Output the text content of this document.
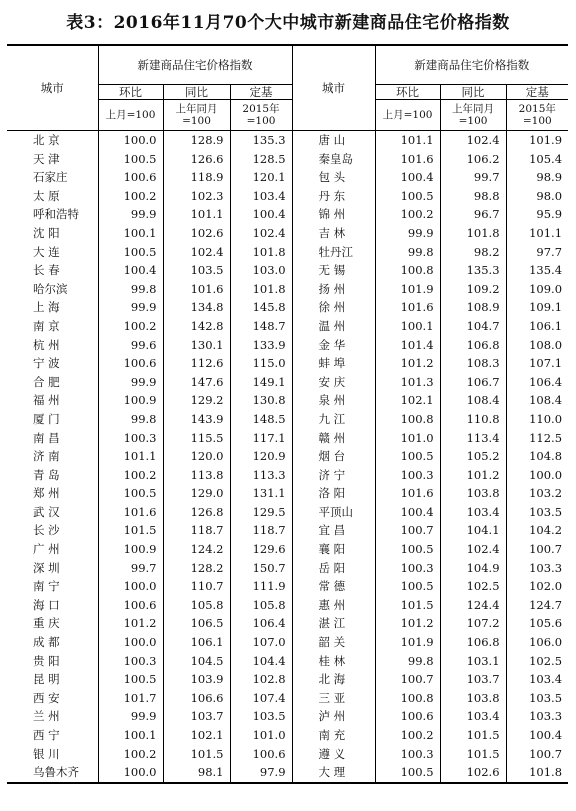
表3：2016年11月70个大中城市新建商品住宅价格指数
城市	新建商品住宅价格指数			城市	新建商品住宅价格指数		
	环比	同比	定基		环比	同比	定基
	上月=100	上年同月=100	2015年=100		上月=100	上年同月=100	2015年=100
北 京	100.0	128.9	135.3	唐 山	101.1	102.4	101.9
天 津	100.5	126.6	128.5	秦皇岛	101.6	106.2	105.4
石家庄	100.6	118.9	120.1	包 头	100.4	99.7	98.9
太 原	100.2	102.3	103.4	丹 东	100.5	98.8	98.0
呼和浩特	99.9	101.1	100.4	锦 州	100.2	96.7	95.9
沈 阳	100.1	102.6	102.4	吉 林	99.9	101.8	101.1
大 连	100.5	102.4	101.8	牡丹江	99.8	98.2	97.7
长 春	100.4	103.5	103.0	无 锡	100.8	135.3	135.4
哈尔滨	99.8	101.6	101.8	扬 州	101.9	109.2	109.0
上 海	99.9	134.8	145.8	徐 州	101.6	108.9	109.1
南 京	100.2	142.8	148.7	温 州	100.1	104.7	106.1
杭 州	99.6	130.1	133.9	金 华	101.4	106.8	108.0
宁 波	100.6	112.6	115.0	蚌 埠	101.2	108.3	107.1
合 肥	99.9	147.6	149.1	安 庆	101.3	106.7	106.4
福 州	100.9	129.2	130.8	泉 州	102.1	108.4	108.4
厦 门	99.8	143.9	148.5	九 江	100.8	110.8	110.0
南 昌	100.3	115.5	117.1	赣 州	101.0	113.4	112.5
济 南	101.1	120.0	120.9	烟 台	100.5	105.2	104.8
青 岛	100.2	113.8	113.3	济 宁	100.3	101.2	100.0
郑 州	100.5	129.0	131.1	洛 阳	101.6	103.8	103.2
武 汉	101.6	126.8	129.5	平顶山	100.4	103.4	103.5
长 沙	101.5	118.7	118.7	宜 昌	100.7	104.1	104.2
广 州	100.9	124.2	129.6	襄 阳	100.5	102.4	100.7
深 圳	99.7	128.2	150.7	岳 阳	100.3	104.9	103.3
南 宁	100.0	110.7	111.9	常 德	100.5	102.5	102.0
海 口	100.6	105.8	105.8	惠 州	101.5	124.4	124.7
重 庆	101.2	106.5	106.4	湛 江	101.2	107.2	105.6
成 都	100.0	106.1	107.0	韶 关	101.9	106.8	106.0
贵 阳	100.3	104.5	104.4	桂 林	99.8	103.1	102.5
昆 明	100.5	103.9	102.8	北 海	100.7	103.7	103.4
西 安	101.7	106.6	107.4	三 亚	100.8	103.8	103.5
兰 州	99.9	103.7	103.5	泸 州	100.6	103.4	103.3
西 宁	100.1	102.1	101.0	南 充	100.2	101.5	100.4
银 川	100.2	101.5	100.6	遵 义	100.3	101.5	100.7
乌鲁木齐	100.0	98.1	97.9	大 理	100.5	102.6	101.8
